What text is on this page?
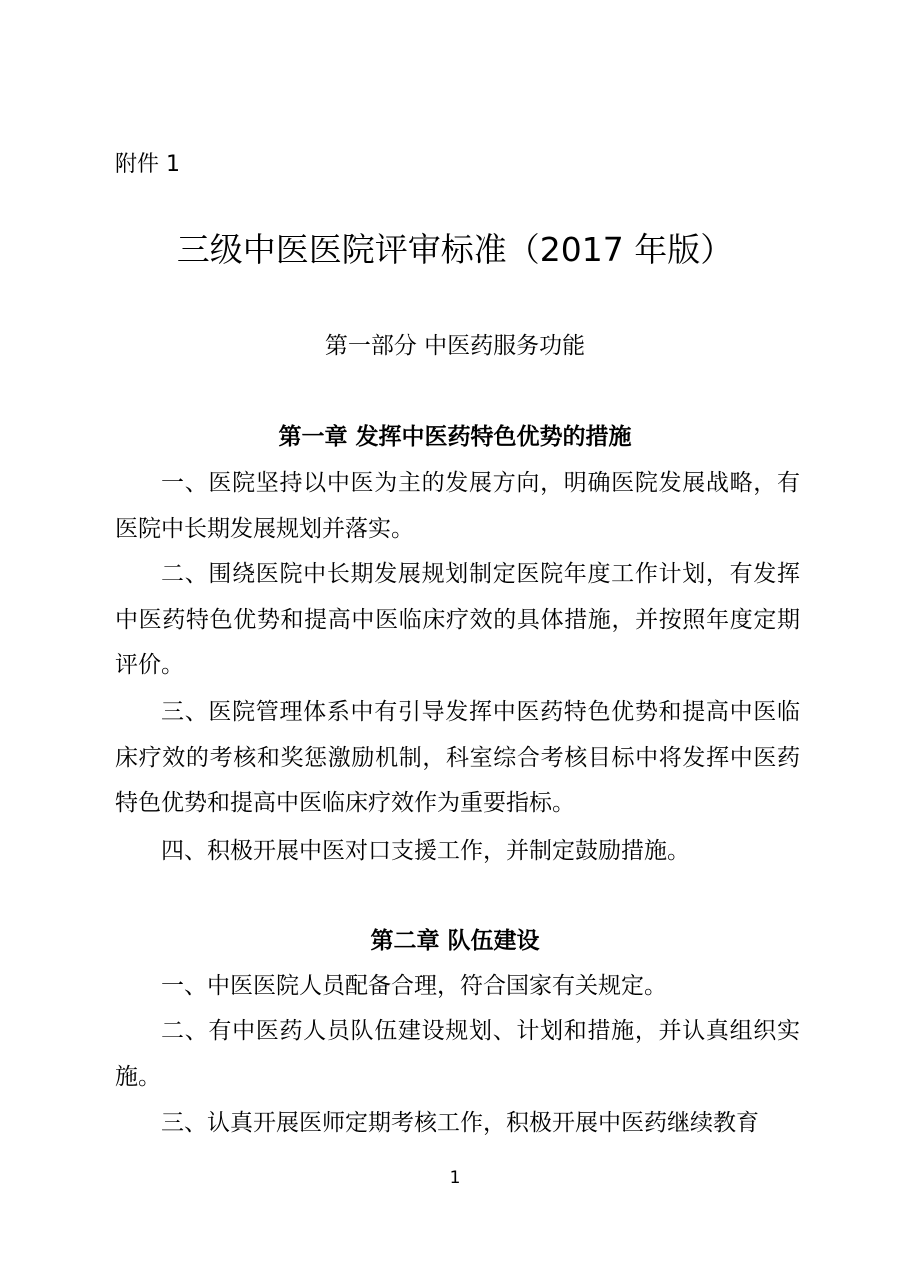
附件 1
三级中医医院评审标准（2017 年版）
第一部分 中医药服务功能
第一章 发挥中医药特色优势的措施
一、医院坚持以中医为主的发展方向，明确医院发展战略，有医院中长期发展规划并落实。
二、围绕医院中长期发展规划制定医院年度工作计划，有发挥中医药特色优势和提高中医临床疗效的具体措施，并按照年度定期评价。
三、医院管理体系中有引导发挥中医药特色优势和提高中医临床疗效的考核和奖惩激励机制，科室综合考核目标中将发挥中医药特色优势和提高中医临床疗效作为重要指标。
四、积极开展中医对口支援工作，并制定鼓励措施。
第二章 队伍建设
一、中医医院人员配备合理，符合国家有关规定。
二、有中医药人员队伍建设规划、计划和措施，并认真组织实施。
三、认真开展医师定期考核工作，积极开展中医药继续教育
1
